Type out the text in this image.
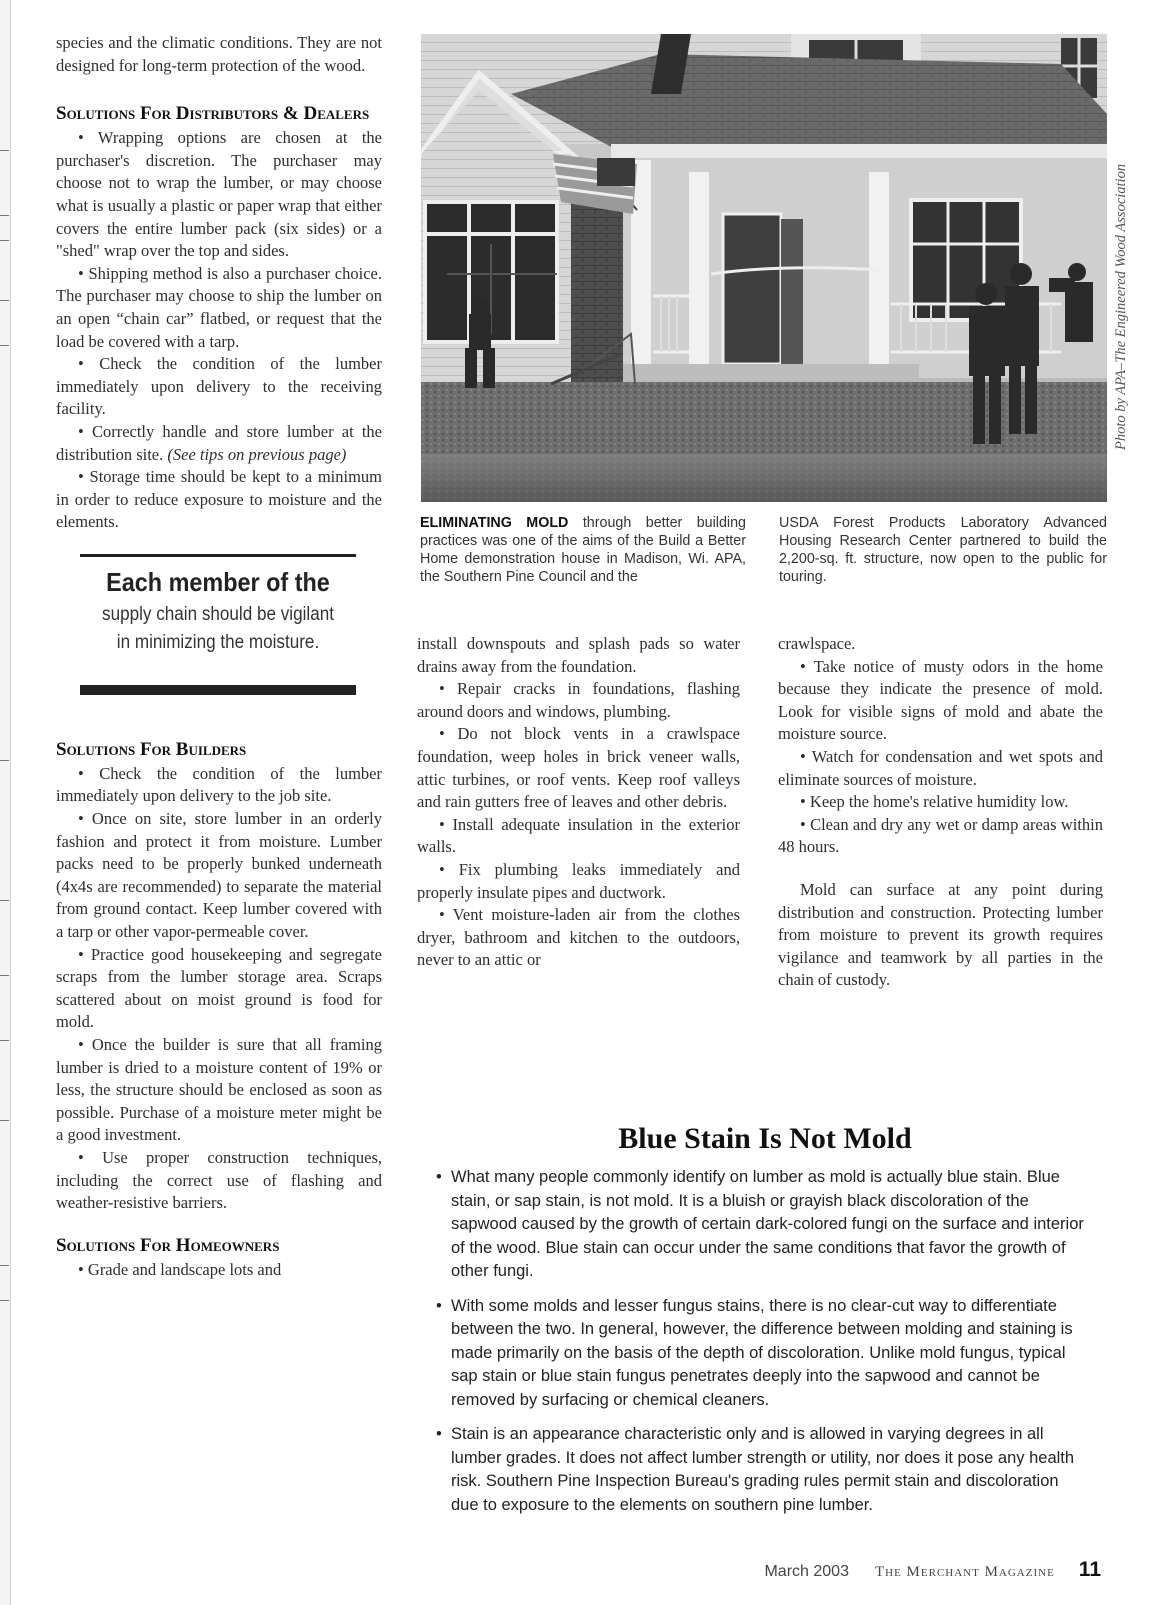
species and the climatic conditions. They are not designed for long-term protection of the wood.

Solutions For Distributors & Dealers

• Wrapping options are chosen at the purchaser's discretion. The purchaser may choose not to wrap the lumber, or may choose what is usually a plastic or paper wrap that either covers the entire lumber pack (six sides) or a "shed" wrap over the top and sides.

• Shipping method is also a purchaser choice. The purchaser may choose to ship the lumber on an open “chain car” flatbed, or request that the load be covered with a tarp.

• Check the condition of the lumber immediately upon delivery to the receiving facility.

• Correctly handle and store lumber at the distribution site. (See tips on previous page)

• Storage time should be kept to a minimum in order to reduce exposure to moisture and the elements.

Each member of the
supply chain should be vigilant in minimizing the moisture.
Solutions For Builders

• Check the condition of the lumber immediately upon delivery to the job site.

• Once on site, store lumber in an orderly fashion and protect it from moisture. Lumber packs need to be properly bunked underneath (4x4s are recommended) to separate the material from ground contact. Keep lumber covered with a tarp or other vapor-permeable cover.

• Practice good housekeeping and segregate scraps from the lumber storage area. Scraps scattered about on moist ground is food for mold.

• Once the builder is sure that all framing lumber is dried to a moisture content of 19% or less, the structure should be enclosed as soon as possible. Purchase of a moisture meter might be a good investment.

• Use proper construction techniques, including the correct use of flashing and weather-resistive barriers.

Solutions For Homeowners

• Grade and landscape lots and

Photo by APA–The Engineered Wood Association
ELIMINATING MOLD through better building practices was one of the aims of the Build a Better Home demonstration house in Madison, Wi. APA, the Southern Pine Council and the
USDA Forest Products Laboratory Advanced Housing Research Center partnered to build the 2,200-sq. ft. structure, now open to the public for touring.

install downspouts and splash pads so water drains away from the foundation.

• Repair cracks in foundations, flashing around doors and windows, plumbing.

• Do not block vents in a crawlspace foundation, weep holes in brick veneer walls, attic turbines, or roof vents. Keep roof valleys and rain gutters free of leaves and other debris.

• Install adequate insulation in the exterior walls.

• Fix plumbing leaks immediately and properly insulate pipes and ductwork.

• Vent moisture-laden air from the clothes dryer, bathroom and kitchen to the outdoors, never to an attic or

crawlspace.

• Take notice of musty odors in the home because they indicate the presence of mold. Look for visible signs of mold and abate the moisture source.

• Watch for condensation and wet spots and eliminate sources of moisture.

• Keep the home's relative humidity low.

• Clean and dry any wet or damp areas within 48 hours.

Mold can surface at any point during distribution and construction. Protecting lumber from moisture to prevent its growth requires vigilance and teamwork by all parties in the chain of custody.

Blue Stain Is Not Mold
• What many people commonly identify on lumber as mold is actually blue stain. Blue stain, or sap stain, is not mold. It is a bluish or grayish black discoloration of the sapwood caused by the growth of certain dark-colored fungi on the surface and interior of the wood. Blue stain can occur under the same conditions that favor the growth of other fungi.
• With some molds and lesser fungus stains, there is no clear-cut way to differentiate between the two. In general, however, the difference between molding and staining is made primarily on the basis of the depth of discoloration. Unlike mold fungus, typical sap stain or blue stain fungus penetrates deeply into the sapwood and cannot be removed by surfacing or chemical cleaners.
• Stain is an appearance characteristic only and is allowed in varying degrees in all lumber grades. It does not affect lumber strength or utility, nor does it pose any health risk. Southern Pine Inspection Bureau's grading rules permit stain and discoloration due to exposure to the elements on southern pine lumber.
March 2003 The Merchant Magazine 11
